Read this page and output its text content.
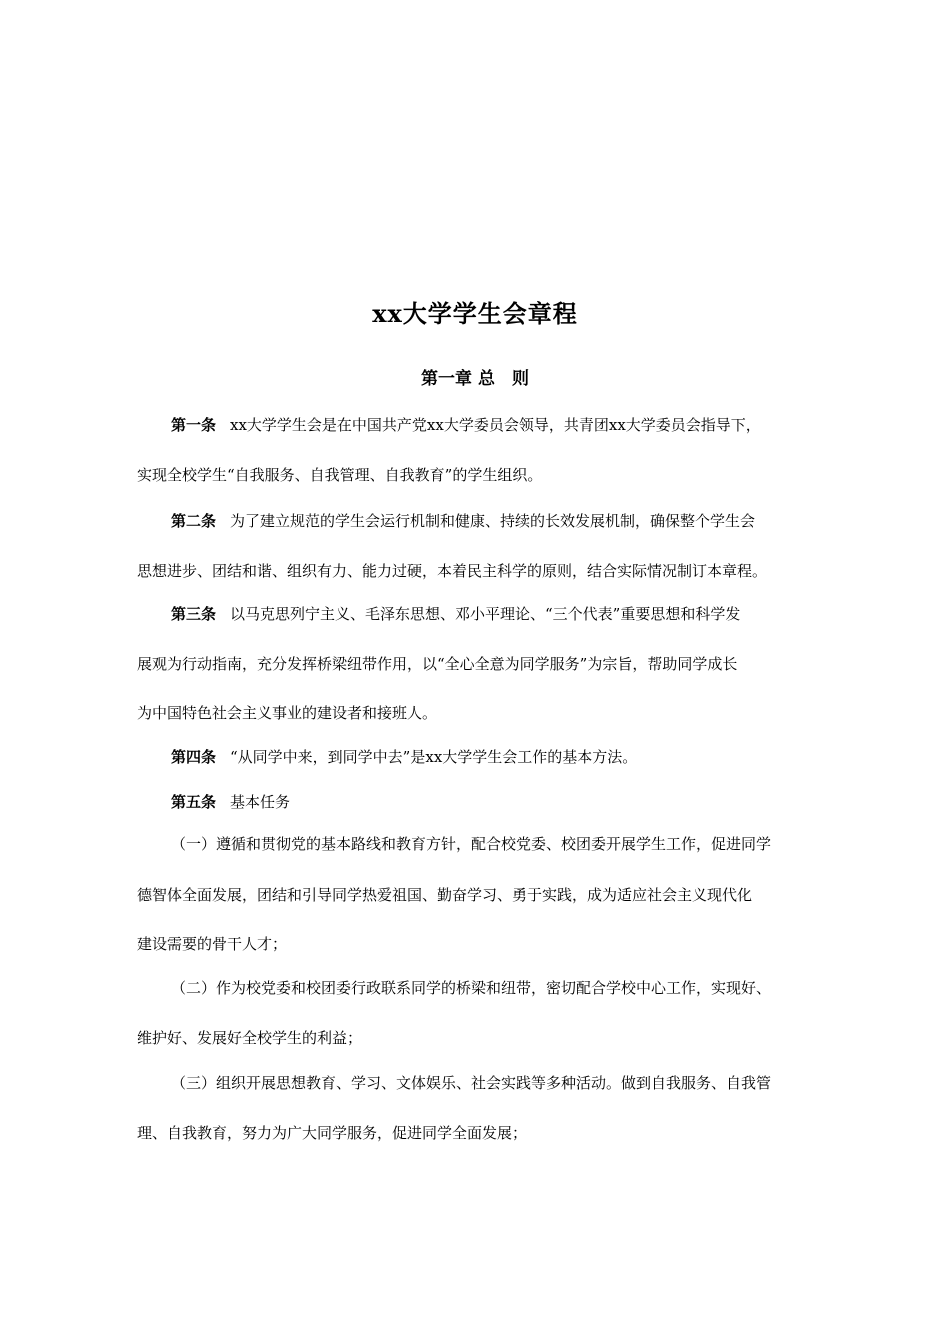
xx大学学生会章程
第一章 总　则
第一条 xx大学学生会是在中国共产党xx大学委员会领导，共青团xx大学委员会指导下，
实现全校学生“自我服务、自我管理、自我教育”的学生组织。
第二条 为了建立规范的学生会运行机制和健康、持续的长效发展机制，确保整个学生会
思想进步、团结和谐、组织有力、能力过硬，本着民主科学的原则，结合实际情况制订本章程。
第三条 以马克思列宁主义、毛泽东思想、邓小平理论、“三个代表”重要思想和科学发
展观为行动指南，充分发挥桥梁纽带作用，以“全心全意为同学服务”为宗旨，帮助同学成长
为中国特色社会主义事业的建设者和接班人。
第四条 “从同学中来，到同学中去”是xx大学学生会工作的基本方法。
第五条 基本任务
（一）遵循和贯彻党的基本路线和教育方针，配合校党委、校团委开展学生工作，促进同学
德智体全面发展，团结和引导同学热爱祖国、勤奋学习、勇于实践，成为适应社会主义现代化
建设需要的骨干人才；
（二）作为校党委和校团委行政联系同学的桥梁和纽带，密切配合学校中心工作，实现好、
维护好、发展好全校学生的利益；
（三）组织开展思想教育、学习、文体娱乐、社会实践等多种活动。做到自我服务、自我管
理、自我教育，努力为广大同学服务，促进同学全面发展；
